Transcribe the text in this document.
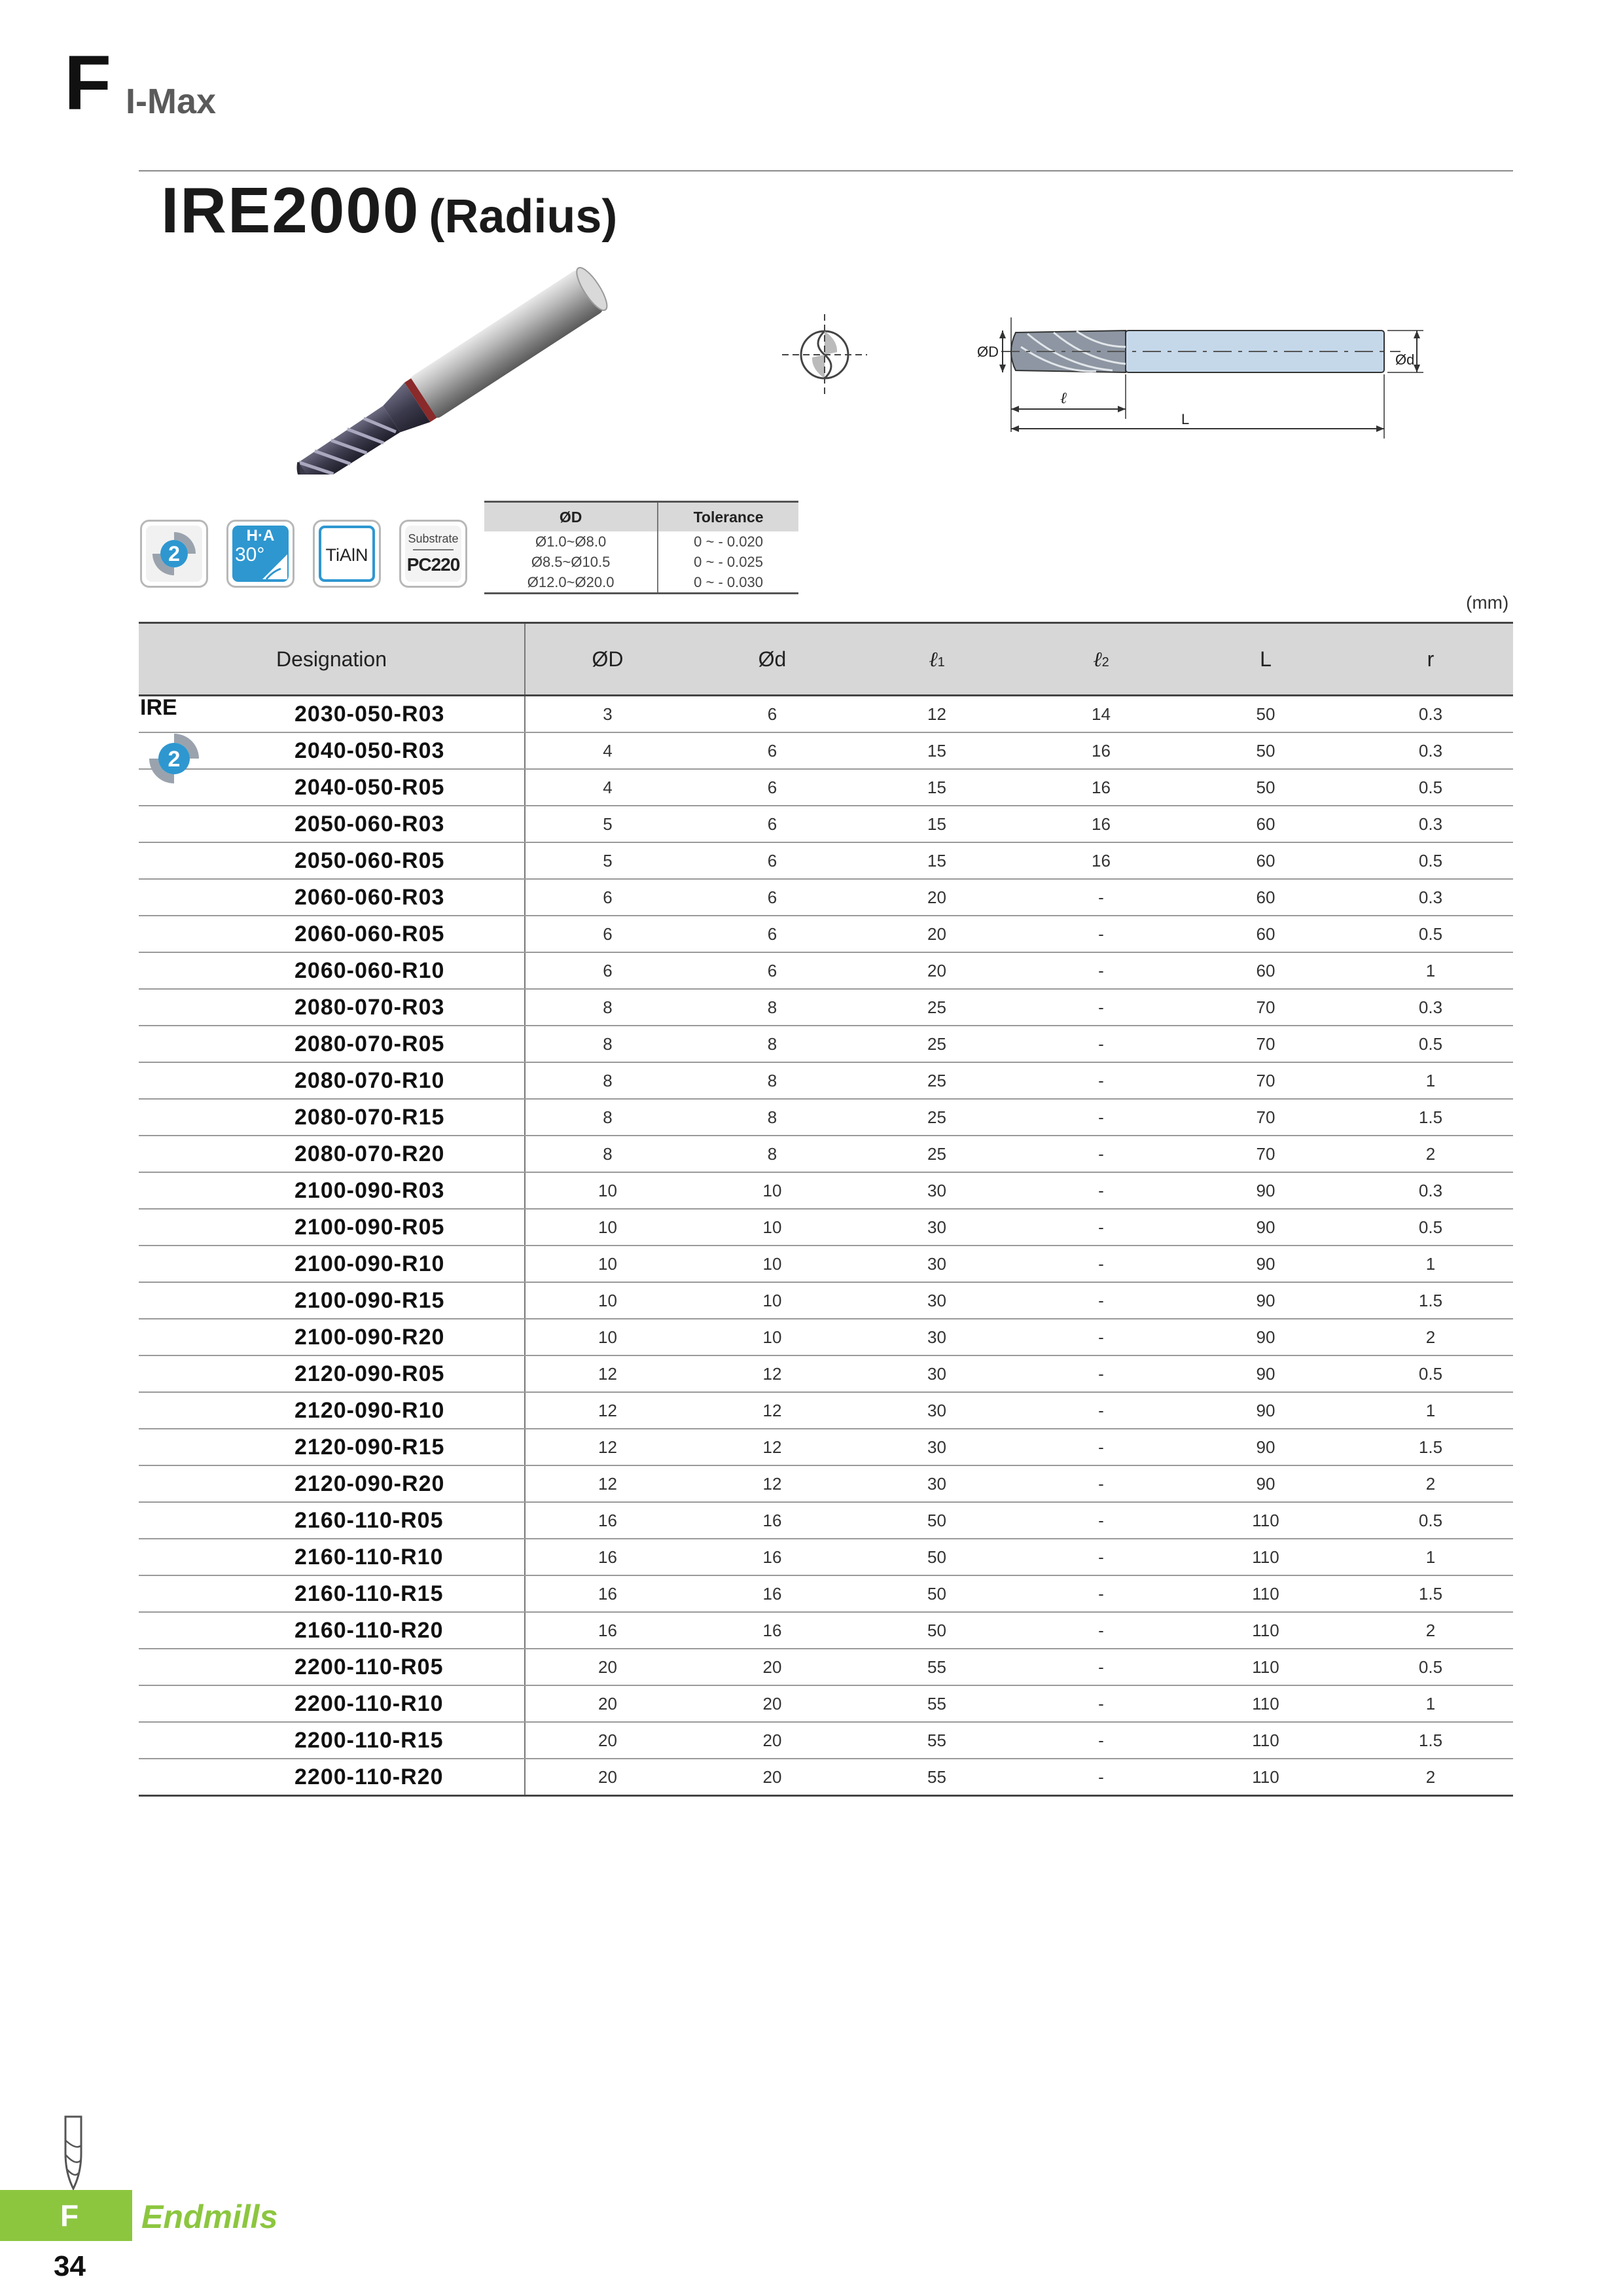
F I-Max
IRE2000 (Radius)
ØD	Ød
ℓ
L
2
H·A
30°	TiAlN
Substrate
PC220
ØD	Tolerance
Ø1.0~Ø8.0	0 ~ - 0.020
Ø8.5~Ø10.5	0 ~ - 0.025
Ø12.0~Ø20.0	0 ~ - 0.030
(mm)
Designation	ØD	Ød	ℓ1	ℓ2	L	r
2030-050-R03	3	6	12	14	50	0.3
2040-050-R03	4	6	15	16	50	0.3
2040-050-R05	4	6	15	16	50	0.5
2050-060-R03	5	6	15	16	60	0.3
2050-060-R05	5	6	15	16	60	0.5
2060-060-R03	6	6	20	-	60	0.3
2060-060-R05	6	6	20	-	60	0.5
2060-060-R10	6	6	20	-	60	1
2080-070-R03	8	8	25	-	70	0.3
2080-070-R05	8	8	25	-	70	0.5
2080-070-R10	8	8	25	-	70	1
2080-070-R15	8	8	25	-	70	1.5
2080-070-R20	8	8	25	-	70	2
2100-090-R03	10	10	30	-	90	0.3
2100-090-R05	10	10	30	-	90	0.5
2100-090-R10	10	10	30	-	90	1
2100-090-R15	10	10	30	-	90	1.5
2100-090-R20	10	10	30	-	90	2
2120-090-R05	12	12	30	-	90	0.5
2120-090-R10	12	12	30	-	90	1
2120-090-R15	12	12	30	-	90	1.5
2120-090-R20	12	12	30	-	90	2
2160-110-R05	16	16	50	-	110	0.5
2160-110-R10	16	16	50	-	110	1
2160-110-R15	16	16	50	-	110	1.5
2160-110-R20	16	16	50	-	110	2
2200-110-R05	20	20	55	-	110	0.5
2200-110-R10	20	20	55	-	110	1
2200-110-R15	20	20	55	-	110	1.5
2200-110-R20	20	20	55	-	110	2
IRE
2
F Endmills
34
